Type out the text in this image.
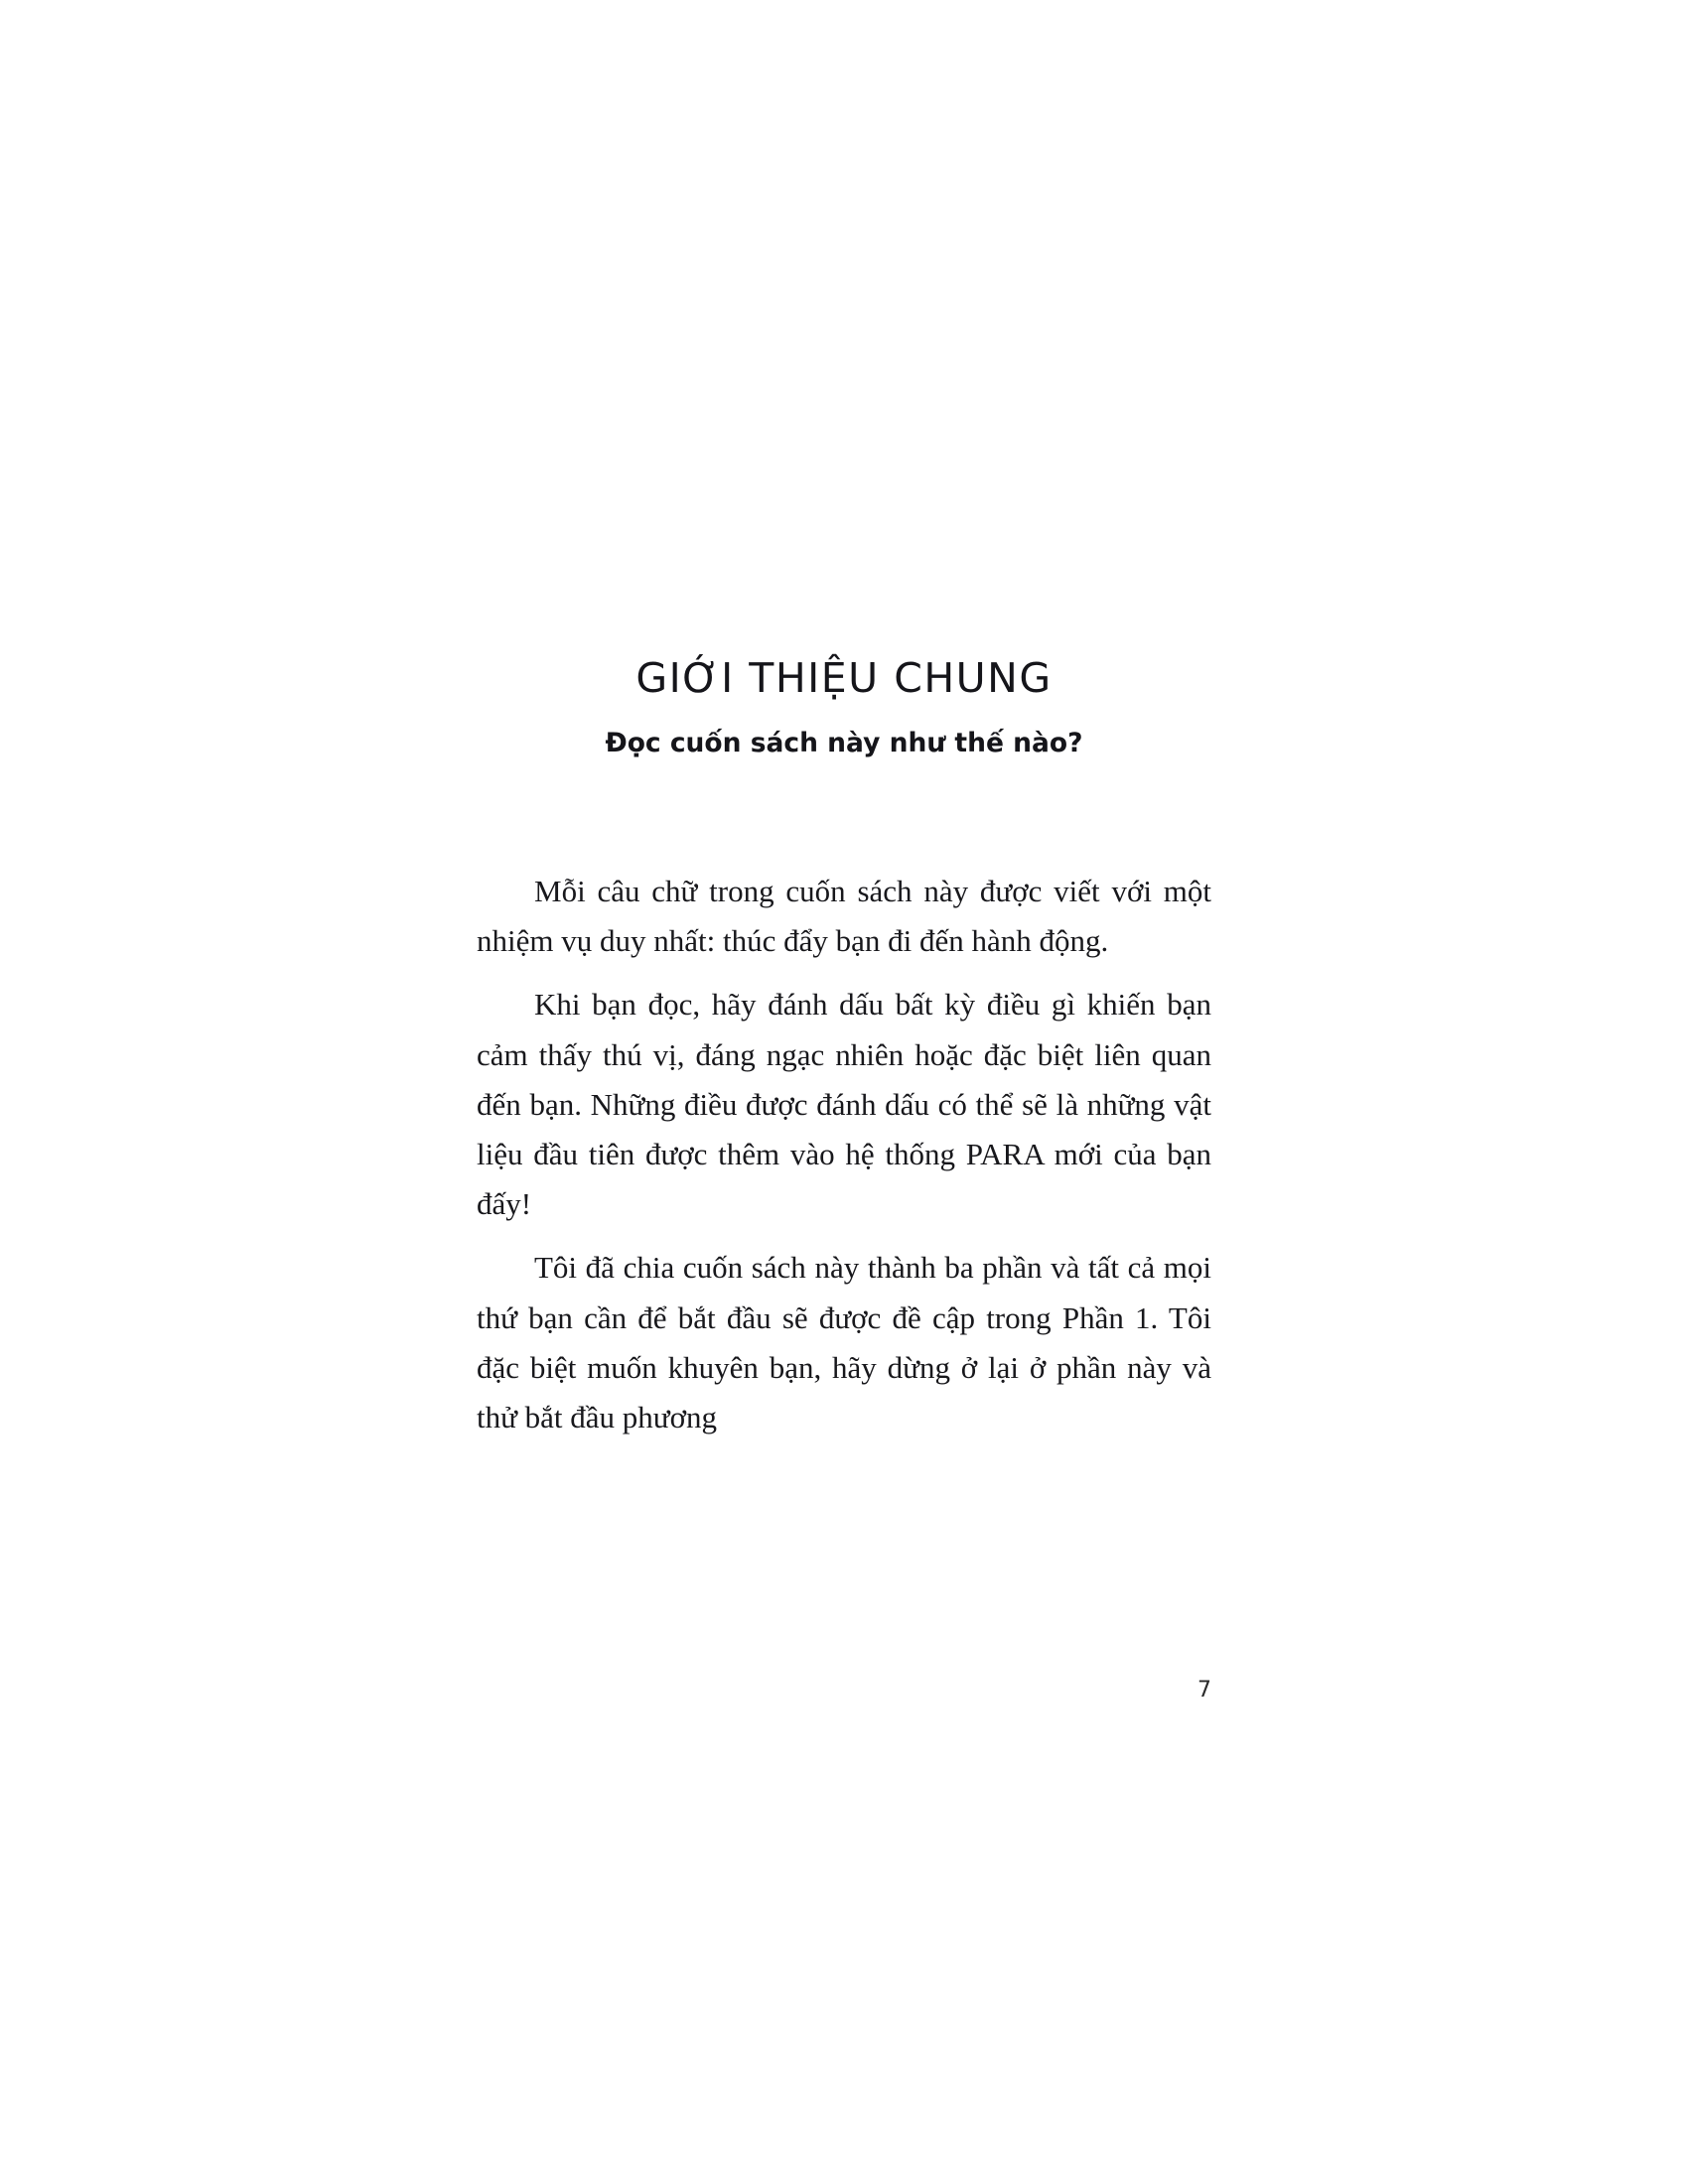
GIỚI THIỆU CHUNG
Đọc cuốn sách này như thế nào?

Mỗi câu chữ trong cuốn sách này được viết với một nhiệm vụ duy nhất: thúc đẩy bạn đi đến hành động.

Khi bạn đọc, hãy đánh dấu bất kỳ điều gì khiến bạn cảm thấy thú vị, đáng ngạc nhiên hoặc đặc biệt liên quan đến bạn. Những điều được đánh dấu có thể sẽ là những vật liệu đầu tiên được thêm vào hệ thống PARA mới của bạn đấy!

Tôi đã chia cuốn sách này thành ba phần và tất cả mọi thứ bạn cần để bắt đầu sẽ được đề cập trong Phần 1. Tôi đặc biệt muốn khuyên bạn, hãy dừng ở lại ở phần này và thử bắt đầu phương

7
